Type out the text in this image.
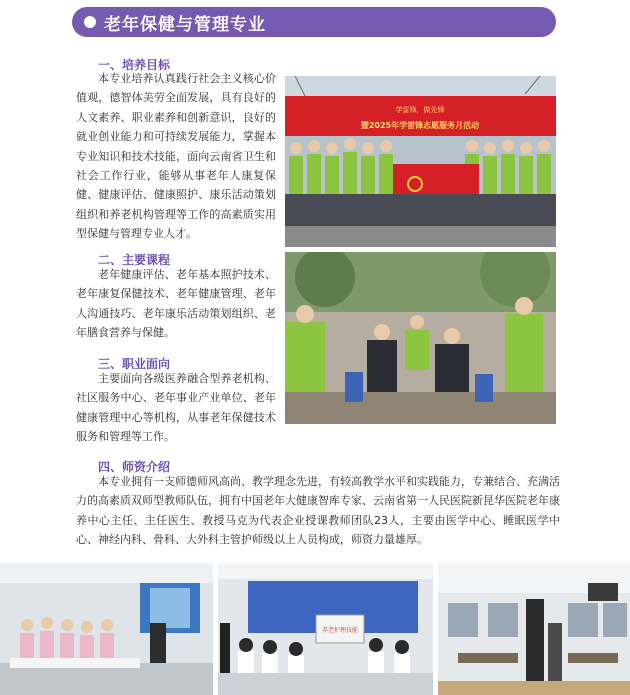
老年保健与管理专业
一、培养目标
本专业培养认真践行社会主义核心价值观，德智体美劳全面发展，具有良好的人文素养、职业素养和创新意识，良好的就业创业能力和可持续发展能力，掌握本专业知识和技术技能，面向云南省卫生和社会工作行业，能够从事老年人康复保健、健康评估、健康照护、康乐活动策划组织和养老机构管理等工作的高素质实用型保健与管理专业人才。
二、主要课程
老年健康评估、老年基本照护技术、老年康复保健技术、老年健康管理、老年人沟通技巧、老年康乐活动策划组织、老年膳食营养与保健。
三、职业面向
主要面向各级医养融合型养老机构、社区服务中心、老年事业产业单位、老年健康管理中心等机构，从事老年保健技术服务和管理等工作。
四、师资介绍
本专业拥有一支师德师风高尚、教学理念先进，有较高教学水平和实践能力，专兼结合、充满活力的高素质双师型教师队伍，拥有中国老年大健康智库专家、云南省第一人民医院新昆华医院老年康养中心主任、主任医生、教授马克为代表企业授课教师团队23人，主要由医学中心、睡眠医学中心、神经内科、骨科、大外科主管护师级以上人员构成，师资力量雄厚。
学雷锋，做先锋
暨2025年学雷锋志愿服务月活动
养老护理技能
